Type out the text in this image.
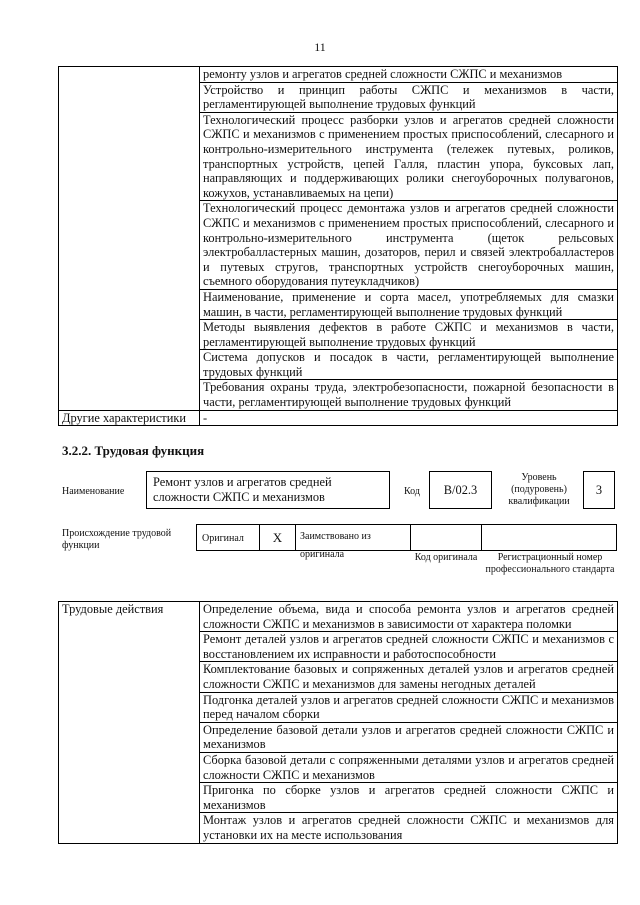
11
	ремонту узлов и агрегатов средней сложности СЖПС и механизмов
	Устройство и принцип работы СЖПС и механизмов в части, регламентирующей выполнение трудовых функций
	Технологический процесс разборки узлов и агрегатов средней сложности СЖПС и механизмов с применением простых приспособлений, слесарного и контрольно-измерительного инструмента (тележек путевых, роликов, транспортных устройств, цепей Галля, пластин упора, буксовых лап, направляющих и поддерживающих ролики снегоуборочных полувагонов, кожухов, устанавливаемых на цепи)
	Технологический процесс демонтажа узлов и агрегатов средней сложности СЖПС и механизмов с применением простых приспособлений, слесарного и контрольно-измерительного инструмента (щеток рельсовых электробалластерных машин, дозаторов, перил и связей электробалластеров и путевых стругов, транспортных устройств снегоуборочных машин, съемного оборудования путеукладчиков)
	Наименование, применение и сорта масел, употребляемых для смазки машин, в части, регламентирующей выполнение трудовых функций
	Методы выявления дефектов в работе СЖПС и механизмов в части, регламентирующей выполнение трудовых функций
	Система допусков и посадок в части, регламентирующей выполнение трудовых функций
	Требования охраны труда, электробезопасности, пожарной безопасности в части, регламентирующей выполнение трудовых функций
Другие характеристики	-
3.2.2. Трудовая функция
Наименование
Ремонт узлов и агрегатов средней сложности СЖПС и механизмов	Код	B/02.3
Уровень (подуровень) квалификации
3
Происхождение трудовой функции
Оригинал	X	Заимствовано из оригинала	Код оригинала	Регистрационный номер профессионального стандарта
Трудовые действия	Определение объема, вида и способа ремонта узлов и агрегатов средней сложности СЖПС и механизмов в зависимости от характера поломки
Ремонт деталей узлов и агрегатов средней сложности СЖПС и механизмов с восстановлением их исправности и работоспособности
Комплектование базовых и сопряженных деталей узлов и агрегатов средней сложности СЖПС и механизмов для замены негодных деталей
Подгонка деталей узлов и агрегатов средней сложности СЖПС и механизмов перед началом сборки
Определение базовой детали узлов и агрегатов средней сложности СЖПС и механизмов
Сборка базовой детали с сопряженными деталями узлов и агрегатов средней сложности СЖПС и механизмов
Пригонка по сборке узлов и агрегатов средней сложности СЖПС и механизмов
Монтаж узлов и агрегатов средней сложности СЖПС и механизмов для установки их на месте использования
